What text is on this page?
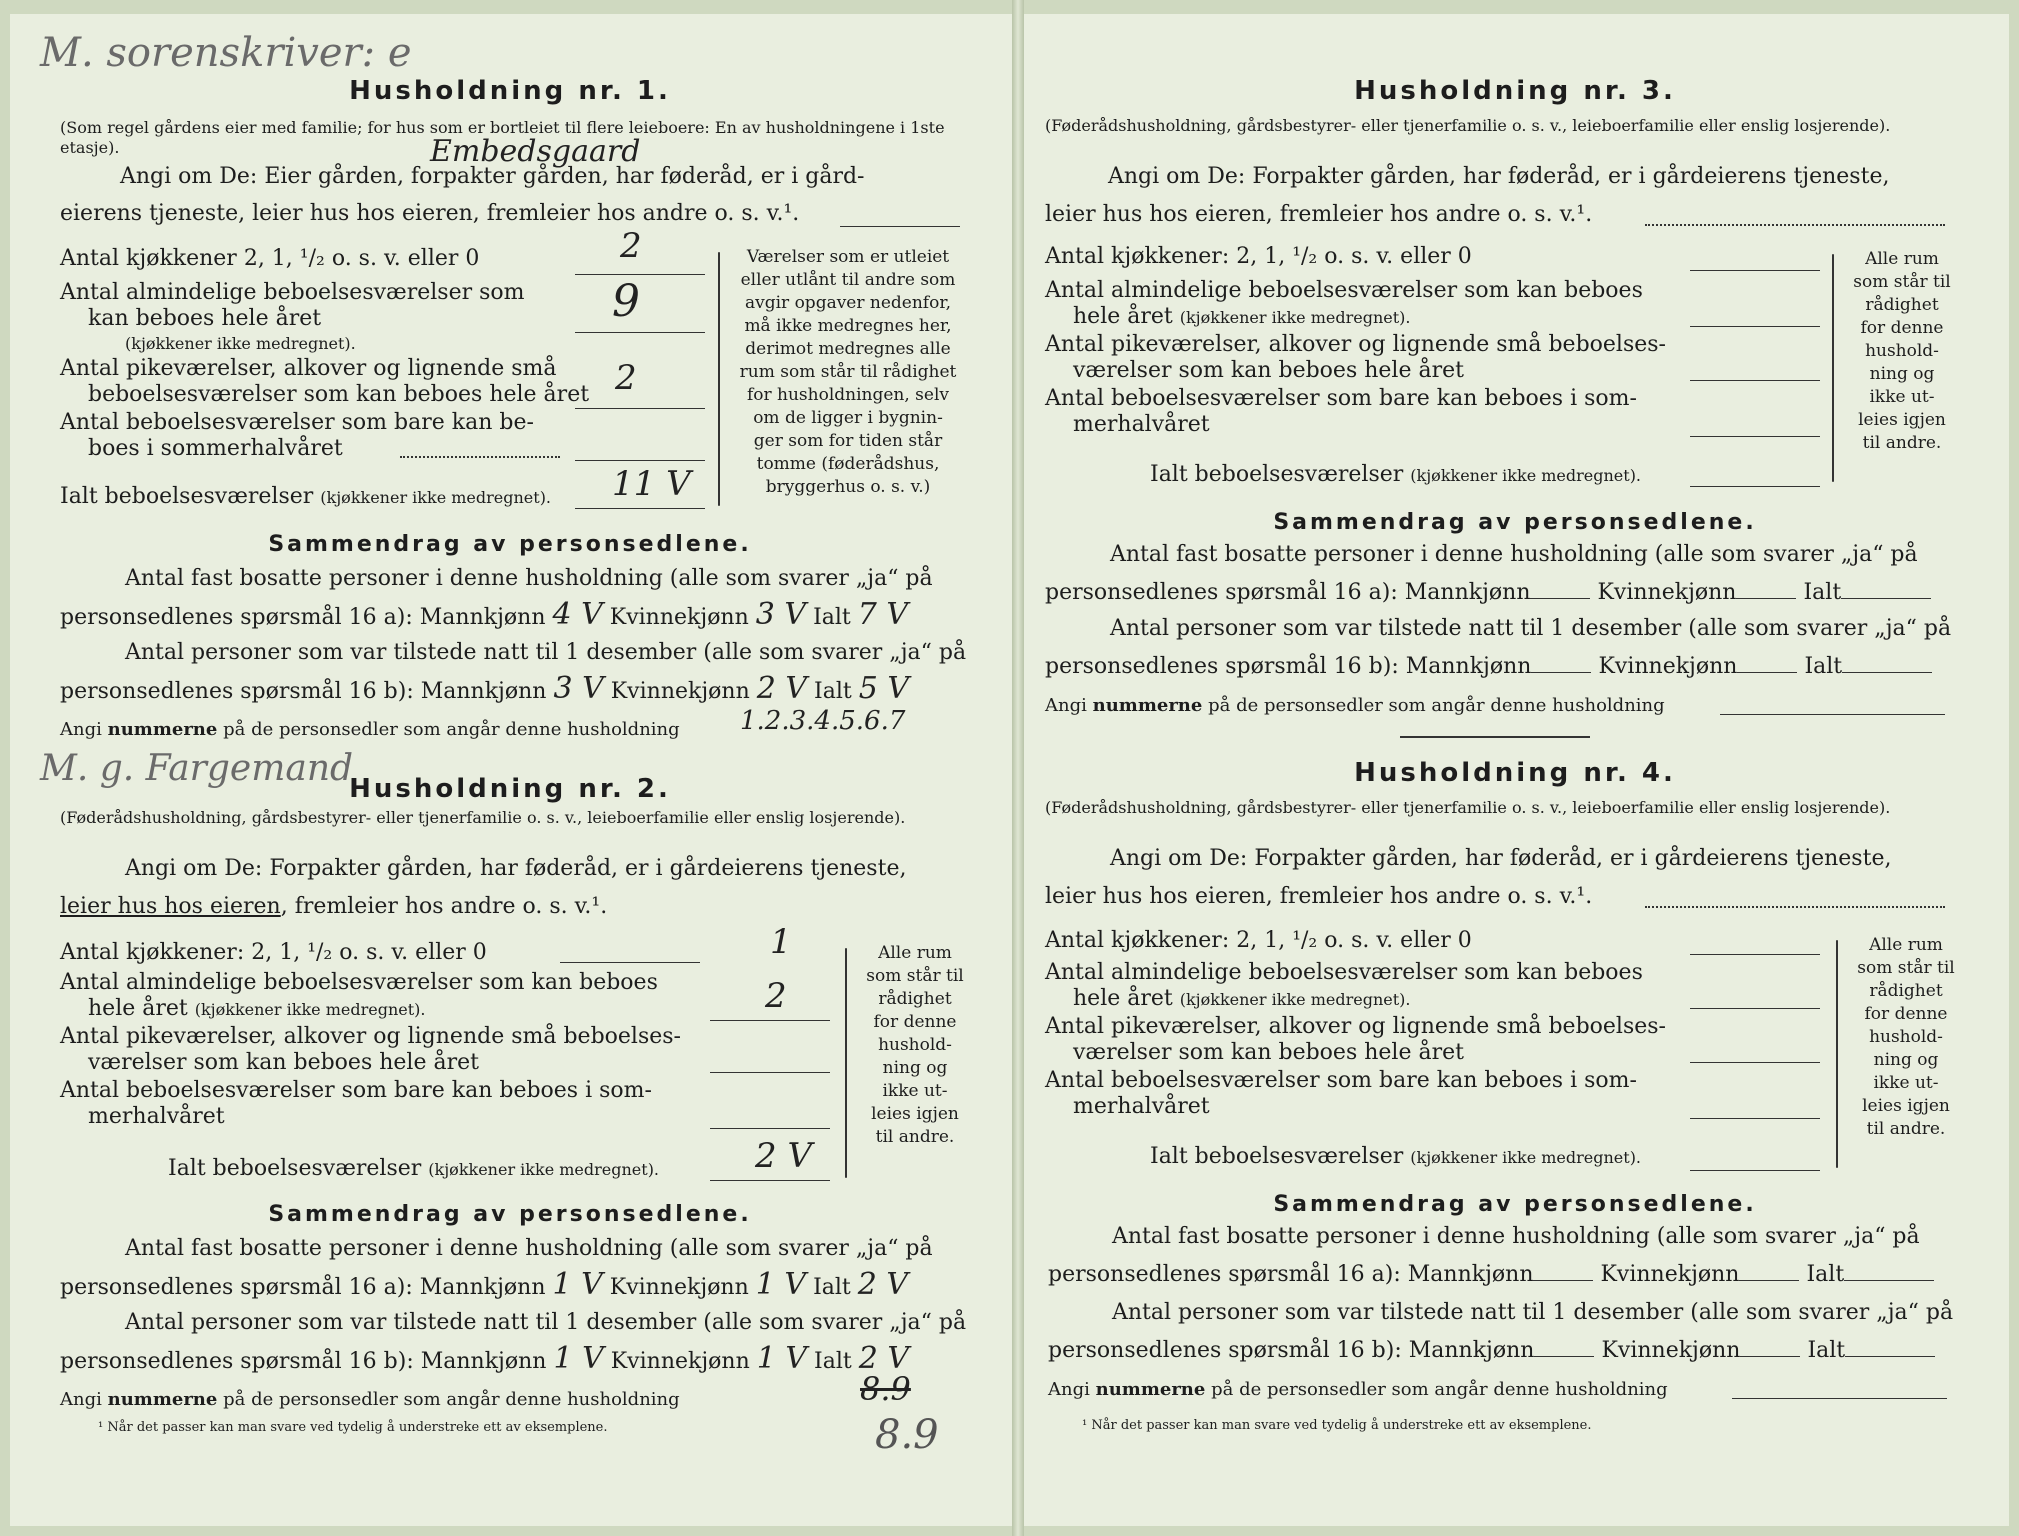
M. sorenskriver: e
Husholdning nr. 1.
(Som regel gårdens eier med familie; for hus som er bortleiet til flere leieboere: En av husholdningene i 1ste etasje).
Angi om De: Eier gården, forpakter gården, har føderåd, er i gård-
eierens tjeneste, leier hus hos eieren, fremleier hos andre o. s. v.¹.
Embedsgaard
Antal kjøkkener 2, 1, ¹/₂ o. s. v. eller 0	2
Antal almindelige beboelsesværelser som
kan beboes hele året
(kjøkkener ikke medregnet).
9
Antal pikeværelser, alkover og lignende små
beboelsesværelser som kan beboes hele året 2
Antal beboelsesværelser som bare kan be-
boes i sommerhalvåret
Ialt beboelsesværelser (kjøkkener ikke medregnet). 11 V
Værelser som er utleiet
eller utlånt til andre som
avgir opgaver nedenfor,
må ikke medregnes her,
derimot medregnes alle
rum som står til rådighet
for husholdningen, selv
om de ligger i bygnin-
ger som for tiden står
tomme (føderådshus,
bryggerhus o. s. v.)
Sammendrag av personsedlene.
Antal fast bosatte personer i denne husholdning (alle som svarer „ja“ på
personsedlenes spørsmål 16 a): Mannkjønn 4 V Kvinnekjønn 3 V Ialt 7 V
Antal personer som var tilstede natt til 1 desember (alle som svarer „ja“ på
personsedlenes spørsmål 16 b): Mannkjønn 3 V Kvinnekjønn 2 V Ialt 5 V
Angi nummerne på de personsedler som angår denne husholdning 1.2.3.4.5.6.7
M. g. Fargemand
Husholdning nr. 2.
(Føderådshusholdning, gårdsbestyrer- eller tjenerfamilie o. s. v., leieboerfamilie eller enslig losjerende).
Angi om De: Forpakter gården, har føderåd, er i gårdeierens tjeneste,
leier hus hos eieren, fremleier hos andre o. s. v.¹.
Antal kjøkkener: 2, 1, ¹/₂ o. s. v. eller 0	1
Antal almindelige beboelsesværelser som kan beboes
hele året (kjøkkener ikke medregnet).	2
Antal pikeværelser, alkover og lignende små beboelses-
værelser som kan beboes hele året
Antal beboelsesværelser som bare kan beboes i som-
merhalvåret
Ialt beboelsesværelser (kjøkkener ikke medregnet).	2 V
Alle rum
som står til
rådighet
for denne
hushold-
ning og
ikke ut-
leies igjen
til andre.
Sammendrag av personsedlene.
Antal fast bosatte personer i denne husholdning (alle som svarer „ja“ på
personsedlenes spørsmål 16 a): Mannkjønn 1 V Kvinnekjønn 1 V Ialt 2 V
Antal personer som var tilstede natt til 1 desember (alle som svarer „ja“ på
personsedlenes spørsmål 16 b): Mannkjønn 1 V Kvinnekjønn 1 V Ialt 2 V
Angi nummerne på de personsedler som angår denne husholdning	8.9
8.9
¹ Når det passer kan man svare ved tydelig å understreke ett av eksemplene.
Husholdning nr. 3.
(Føderådshusholdning, gårdsbestyrer- eller tjenerfamilie o. s. v., leieboerfamilie eller enslig losjerende).
Angi om De: Forpakter gården, har føderåd, er i gårdeierens tjeneste,
leier hus hos eieren, fremleier hos andre o. s. v.¹.
Antal kjøkkener: 2, 1, ¹/₂ o. s. v. eller 0
Antal almindelige beboelsesværelser som kan beboes
hele året (kjøkkener ikke medregnet).
Antal pikeværelser, alkover og lignende små beboelses-
værelser som kan beboes hele året
Antal beboelsesværelser som bare kan beboes i som-
merhalvåret
Ialt beboelsesværelser (kjøkkener ikke medregnet).
Alle rum
som står til
rådighet
for denne
hushold-
ning og
ikke ut-
leies igjen
til andre.
Sammendrag av personsedlene.
Antal fast bosatte personer i denne husholdning (alle som svarer „ja“ på
personsedlenes spørsmål 16 a): Mannkjønn	Kvinnekjønn	Ialt
Antal personer som var tilstede natt til 1 desember (alle som svarer „ja“ på
personsedlenes spørsmål 16 b): Mannkjønn	Kvinnekjønn	Ialt
Angi nummerne på de personsedler som angår denne husholdning
Husholdning nr. 4.
(Føderådshusholdning, gårdsbestyrer- eller tjenerfamilie o. s. v., leieboerfamilie eller enslig losjerende).
Angi om De: Forpakter gården, har føderåd, er i gårdeierens tjeneste,
leier hus hos eieren, fremleier hos andre o. s. v.¹.
Antal kjøkkener: 2, 1, ¹/₂ o. s. v. eller 0
Antal almindelige beboelsesværelser som kan beboes
hele året (kjøkkener ikke medregnet).
Antal pikeværelser, alkover og lignende små beboelses-
værelser som kan beboes hele året
Antal beboelsesværelser som bare kan beboes i som-
merhalvåret
Ialt beboelsesværelser (kjøkkener ikke medregnet).
Alle rum
som står til
rådighet
for denne
hushold-
ning og
ikke ut-
leies igjen
til andre.
Sammendrag av personsedlene.
Antal fast bosatte personer i denne husholdning (alle som svarer „ja“ på
personsedlenes spørsmål 16 a): Mannkjønn	Kvinnekjønn	Ialt
Antal personer som var tilstede natt til 1 desember (alle som svarer „ja“ på
personsedlenes spørsmål 16 b): Mannkjønn	Kvinnekjønn	Ialt
Angi nummerne på de personsedler som angår denne husholdning
¹ Når det passer kan man svare ved tydelig å understreke ett av eksemplene.
